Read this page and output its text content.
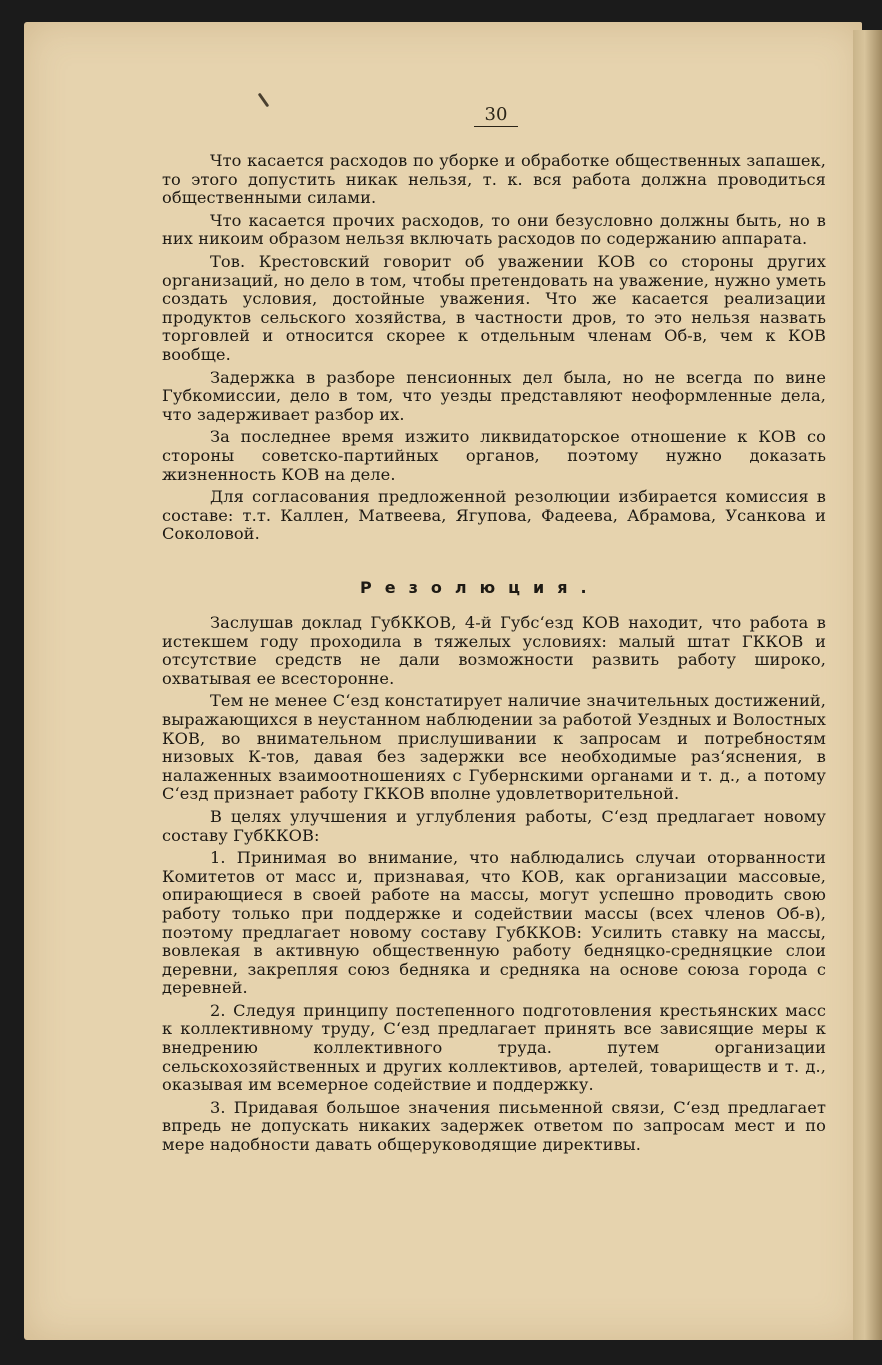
30

Что касается расходов по уборке и обработке общественных запашек, то этого допустить никак нельзя, т. к. вся работа должна проводиться общественными силами.

Что касается прочих расходов, то они безусловно должны быть, но в них никоим образом нельзя включать расходов по содержанию аппарата.

Тов. Крестовский говорит об уважении КОВ со стороны других организаций, но дело в том, чтобы претендовать на уважение, нужно уметь создать условия, достойные уважения. Что же касается реализации продуктов сельского хозяйства, в частности дров, то это нельзя назвать торговлей и относится скорее к отдельным членам Об-в, чем к КОВ вообще.

Задержка в разборе пенсионных дел была, но не всегда по вине Губкомиссии, дело в том, что уезды представляют неоформленные дела, что задерживает разбор их.

За последнее время изжито ликвидаторское отношение к КОВ со стороны советско-партийных органов, поэтому нужно доказать жизненность КОВ на деле.

Для согласования предложенной резолюции избирается комиссия в составе: т.т. Каллен, Матвеева, Ягупова, Фадеева, Абрамова, Усанкова и Соколовой.

Резолюция.

Заслушав доклад ГубККОВ, 4-й Губс‘езд КОВ находит, что работа в истекшем году проходила в тяжелых условиях: малый штат ГККОВ и отсутствие средств не дали возможности развить работу широко, охватывая ее всесторонне.

Тем не менее С‘езд констатирует наличие значительных достижений, выражающихся в неустанном наблюдении за работой Уездных и Волостных КОВ, во внимательном прислушивании к запросам и потребностям низовых К-тов, давая без задержки все необходимые раз‘яснения, в налаженных взаимоотношениях с Губернскими органами и т. д., а потому С‘езд признает работу ГККОВ вполне удовлетворительной.

В целях улучшения и углубления работы, С‘езд предлагает новому составу ГубККОВ:

1. Принимая во внимание, что наблюдались случаи оторванности Комитетов от масс и, признавая, что КОВ, как организации массовые, опирающиеся в своей работе на массы, могут успешно проводить свою работу только при поддержке и содействии массы (всех членов Об-в), поэтому предлагает новому составу ГубККОВ: Усилить ставку на массы, вовлекая в активную общественную работу бедняцко-средняцкие слои деревни, закрепляя союз бедняка и средняка на основе союза города с деревней.

2. Следуя принципу постепенного подготовления крестьянских масс к коллективному труду, С‘езд предлагает принять все зависящие меры к внедрению коллективного труда. путем организации сельскохозяйственных и других коллективов, артелей, товариществ и т. д., оказывая им всемерное содействие и поддержку.

3. Придавая большое значения письменной связи, С‘езд предлагает впредь не допускать никаких задержек ответом по запросам мест и по мере надобности давать общеруководящие директивы.
